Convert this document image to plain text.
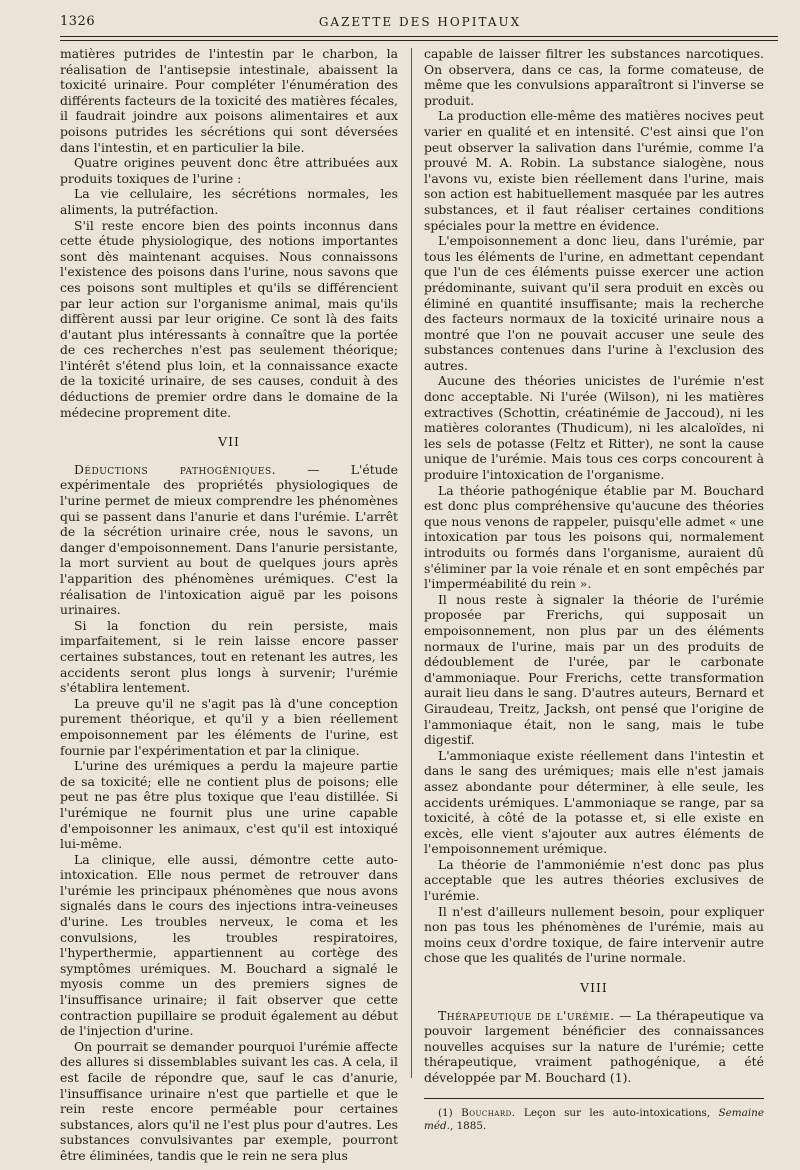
1326	GAZETTE DES HOPITAUX

matières putrides de l'intestin par le charbon, la réalisation de l'antisepsie intestinale, abaissent la toxicité urinaire. Pour compléter l'énumération des différents facteurs de la toxicité des matières fécales, il faudrait joindre aux poisons alimentaires et aux poisons putrides les sécrétions qui sont déversées dans l'intestin, et en particulier la bile.

Quatre origines peuvent donc être attribuées aux produits toxiques de l'urine :

La vie cellulaire, les sécrétions normales, les aliments, la putréfaction.

S'il reste encore bien des points inconnus dans cette étude physiologique, des notions importantes sont dès maintenant acquises. Nous connaissons l'existence des poisons dans l'urine, nous savons que ces poisons sont multiples et qu'ils se différencient par leur action sur l'organisme animal, mais qu'ils diffèrent aussi par leur origine. Ce sont là des faits d'autant plus intéressants à connaître que la portée de ces recherches n'est pas seulement théorique; l'intérêt s'étend plus loin, et la connaissance exacte de la toxicité urinaire, de ses causes, conduit à des déductions de premier ordre dans le domaine de la médecine proprement dite.

VII

Déductions pathogéniques. — L'étude expérimentale des propriétés physiologiques de l'urine permet de mieux comprendre les phénomènes qui se passent dans l'anurie et dans l'urémie. L'arrêt de la sécrétion urinaire crée, nous le savons, un danger d'empoisonnement. Dans l'anurie persistante, la mort survient au bout de quelques jours après l'apparition des phénomènes urémiques. C'est la réalisation de l'intoxication aiguë par les poisons urinaires.

Si la fonction du rein persiste, mais imparfaitement, si le rein laisse encore passer certaines substances, tout en retenant les autres, les accidents seront plus longs à survenir; l'urémie s'établira lentement.

La preuve qu'il ne s'agit pas là d'une conception purement théorique, et qu'il y a bien réellement empoisonnement par les éléments de l'urine, est fournie par l'expérimentation et par la clinique.

L'urine des urémiques a perdu la majeure partie de sa toxicité; elle ne contient plus de poisons; elle peut ne pas être plus toxique que l'eau distillée. Si l'urémique ne fournit plus une urine capable d'empoisonner les animaux, c'est qu'il est intoxiqué lui-même.

La clinique, elle aussi, démontre cette auto-intoxication. Elle nous permet de retrouver dans l'urémie les principaux phénomènes que nous avons signalés dans le cours des injections intra-veineuses d'urine. Les troubles nerveux, le coma et les convulsions, les troubles respiratoires, l'hyperthermie, appartiennent au cortège des symptômes urémiques. M. Bouchard a signalé le myosis comme un des premiers signes de l'insuffisance urinaire; il fait observer que cette contraction pupillaire se produit également au début de l'injection d'urine.

On pourrait se demander pourquoi l'urémie affecte des allures si dissemblables suivant les cas. A cela, il est facile de répondre que, sauf le cas d'anurie, l'insuffisance urinaire n'est que partielle et que le rein reste encore perméable pour certaines substances, alors qu'il ne l'est plus pour d'autres. Les substances convulsivantes par exemple, pourront être éliminées, tandis que le rein ne sera plus

capable de laisser filtrer les substances narcotiques. On observera, dans ce cas, la forme comateuse, de même que les convulsions apparaîtront si l'inverse se produit.

La production elle-même des matières nocives peut varier en qualité et en intensité. C'est ainsi que l'on peut observer la salivation dans l'urémie, comme l'a prouvé M. A. Robin. La substance sialogène, nous l'avons vu, existe bien réellement dans l'urine, mais son action est habituellement masquée par les autres substances, et il faut réaliser certaines conditions spéciales pour la mettre en évidence.

L'empoisonnement a donc lieu, dans l'urémie, par tous les éléments de l'urine, en admettant cependant que l'un de ces éléments puisse exercer une action prédominante, suivant qu'il sera produit en excès ou éliminé en quantité insuffisante; mais la recherche des facteurs normaux de la toxicité urinaire nous a montré que l'on ne pouvait accuser une seule des substances contenues dans l'urine à l'exclusion des autres.

Aucune des théories unicistes de l'urémie n'est donc acceptable. Ni l'urée (Wilson), ni les matières extractives (Schottin, créatinémie de Jaccoud), ni les matières colorantes (Thudicum), ni les alcaloïdes, ni les sels de potasse (Feltz et Ritter), ne sont la cause unique de l'urémie. Mais tous ces corps concourent à produire l'intoxication de l'organisme.

La théorie pathogénique établie par M. Bouchard est donc plus compréhensive qu'aucune des théories que nous venons de rappeler, puisqu'elle admet « une intoxication par tous les poisons qui, normalement introduits ou formés dans l'organisme, auraient dû s'éliminer par la voie rénale et en sont empêchés par l'imperméabilité du rein ».

Il nous reste à signaler la théorie de l'urémie proposée par Frerichs, qui supposait un empoisonnement, non plus par un des éléments normaux de l'urine, mais par un des produits de dédoublement de l'urée, par le carbonate d'ammoniaque. Pour Frerichs, cette transformation aurait lieu dans le sang. D'autres auteurs, Bernard et Giraudeau, Treitz, Jacksh, ont pensé que l'origine de l'ammoniaque était, non le sang, mais le tube digestif.

L'ammoniaque existe réellement dans l'intestin et dans le sang des urémiques; mais elle n'est jamais assez abondante pour déterminer, à elle seule, les accidents urémiques. L'ammoniaque se range, par sa toxicité, à côté de la potasse et, si elle existe en excès, elle vient s'ajouter aux autres éléments de l'empoisonnement urémique.

La théorie de l'ammoniémie n'est donc pas plus acceptable que les autres théories exclusives de l'urémie.

Il n'est d'ailleurs nullement besoin, pour expliquer non pas tous les phénomènes de l'urémie, mais au moins ceux d'ordre toxique, de faire intervenir autre chose que les qualités de l'urine normale.

VIII

Thérapeutique de l'urémie. — La thérapeutique va pouvoir largement bénéficier des connaissances nouvelles acquises sur la nature de l'urémie; cette thérapeutique, vraiment pathogénique, a été développée par M. Bouchard (1).

(1) Bouchard. Leçon sur les auto-intoxications, Semaine méd., 1885.
